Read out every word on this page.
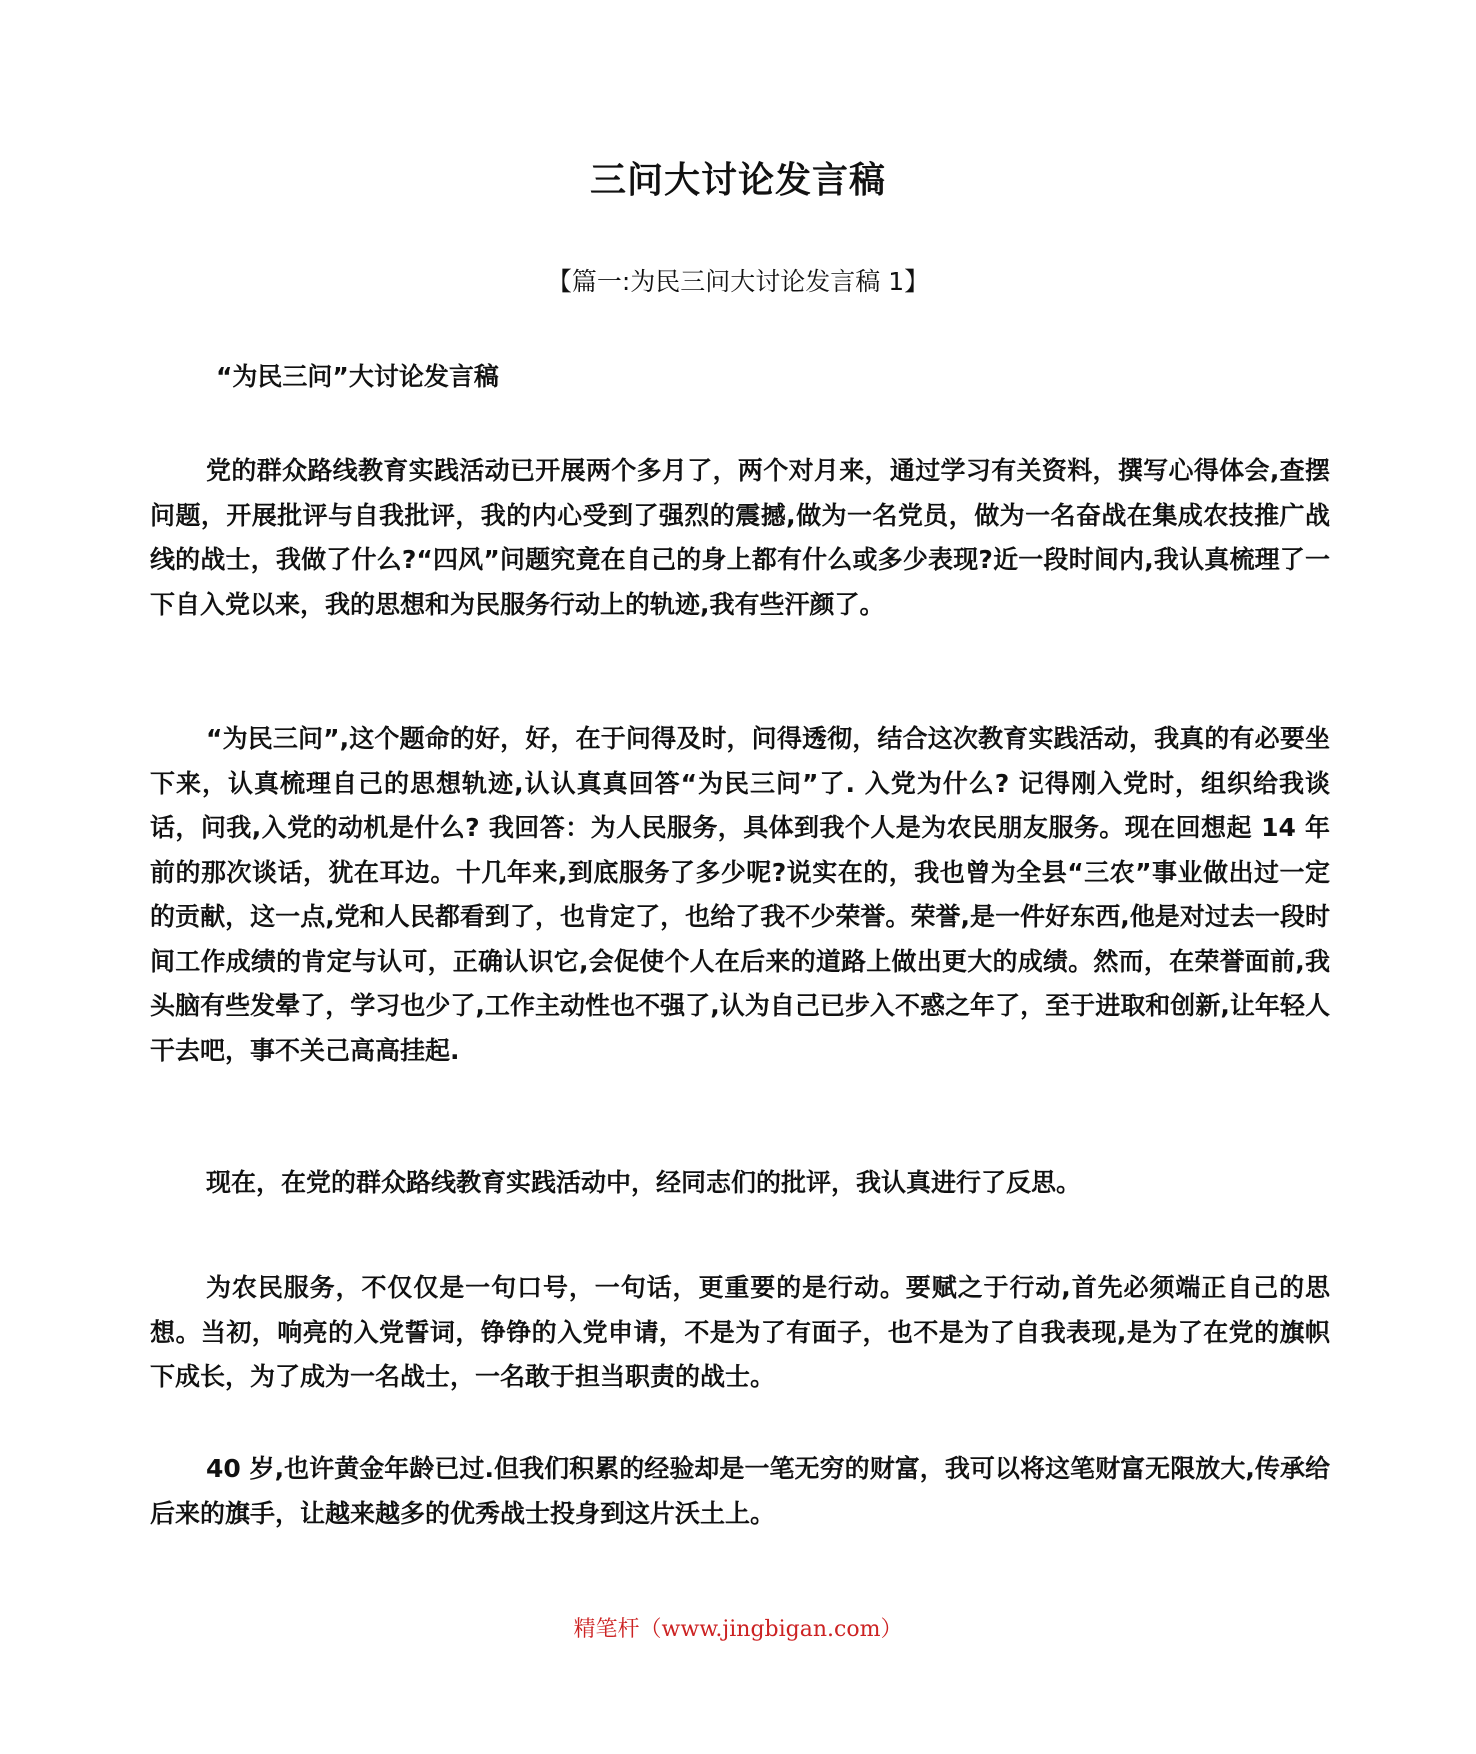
三问大讨论发言稿
【篇一:为民三问大讨论发言稿 1】

“为民三问”大讨论发言稿

党的群众路线教育实践活动已开展两个多月了，两个对月来，通过学习有关资料，撰写心得体会,查摆问题，开展批评与自我批评，我的内心受到了强烈的震撼,做为一名党员，做为一名奋战在集成农技推广战线的战士，我做了什么?“四风”问题究竟在自己的身上都有什么或多少表现?近一段时间内,我认真梳理了一下自入党以来，我的思想和为民服务行动上的轨迹,我有些汗颜了。

“为民三问”,这个题命的好，好，在于问得及时，问得透彻，结合这次教育实践活动，我真的有必要坐下来，认真梳理自己的思想轨迹,认认真真回答“为民三问”了. 入党为什么? 记得刚入党时，组织给我谈话，问我,入党的动机是什么? 我回答：为人民服务，具体到我个人是为农民朋友服务。现在回想起 14 年前的那次谈话，犹在耳边。十几年来,到底服务了多少呢?说实在的，我也曾为全县“三农”事业做出过一定的贡献，这一点,党和人民都看到了，也肯定了，也给了我不少荣誉。荣誉,是一件好东西,他是对过去一段时间工作成绩的肯定与认可，正确认识它,会促使个人在后来的道路上做出更大的成绩。然而，在荣誉面前,我头脑有些发晕了，学习也少了,工作主动性也不强了,认为自己已步入不惑之年了，至于进取和创新,让年轻人干去吧，事不关己高高挂起.

现在，在党的群众路线教育实践活动中，经同志们的批评，我认真进行了反思。

为农民服务，不仅仅是一句口号，一句话，更重要的是行动。要赋之于行动,首先必须端正自己的思想。当初，响亮的入党誓词，铮铮的入党申请，不是为了有面子，也不是为了自我表现,是为了在党的旗帜下成长，为了成为一名战士，一名敢于担当职责的战士。

40 岁,也许黄金年龄已过.但我们积累的经验却是一笔无穷的财富，我可以将这笔财富无限放大,传承给后来的旗手，让越来越多的优秀战士投身到这片沃土上。

精笔杆（www.jingbigan.com）
